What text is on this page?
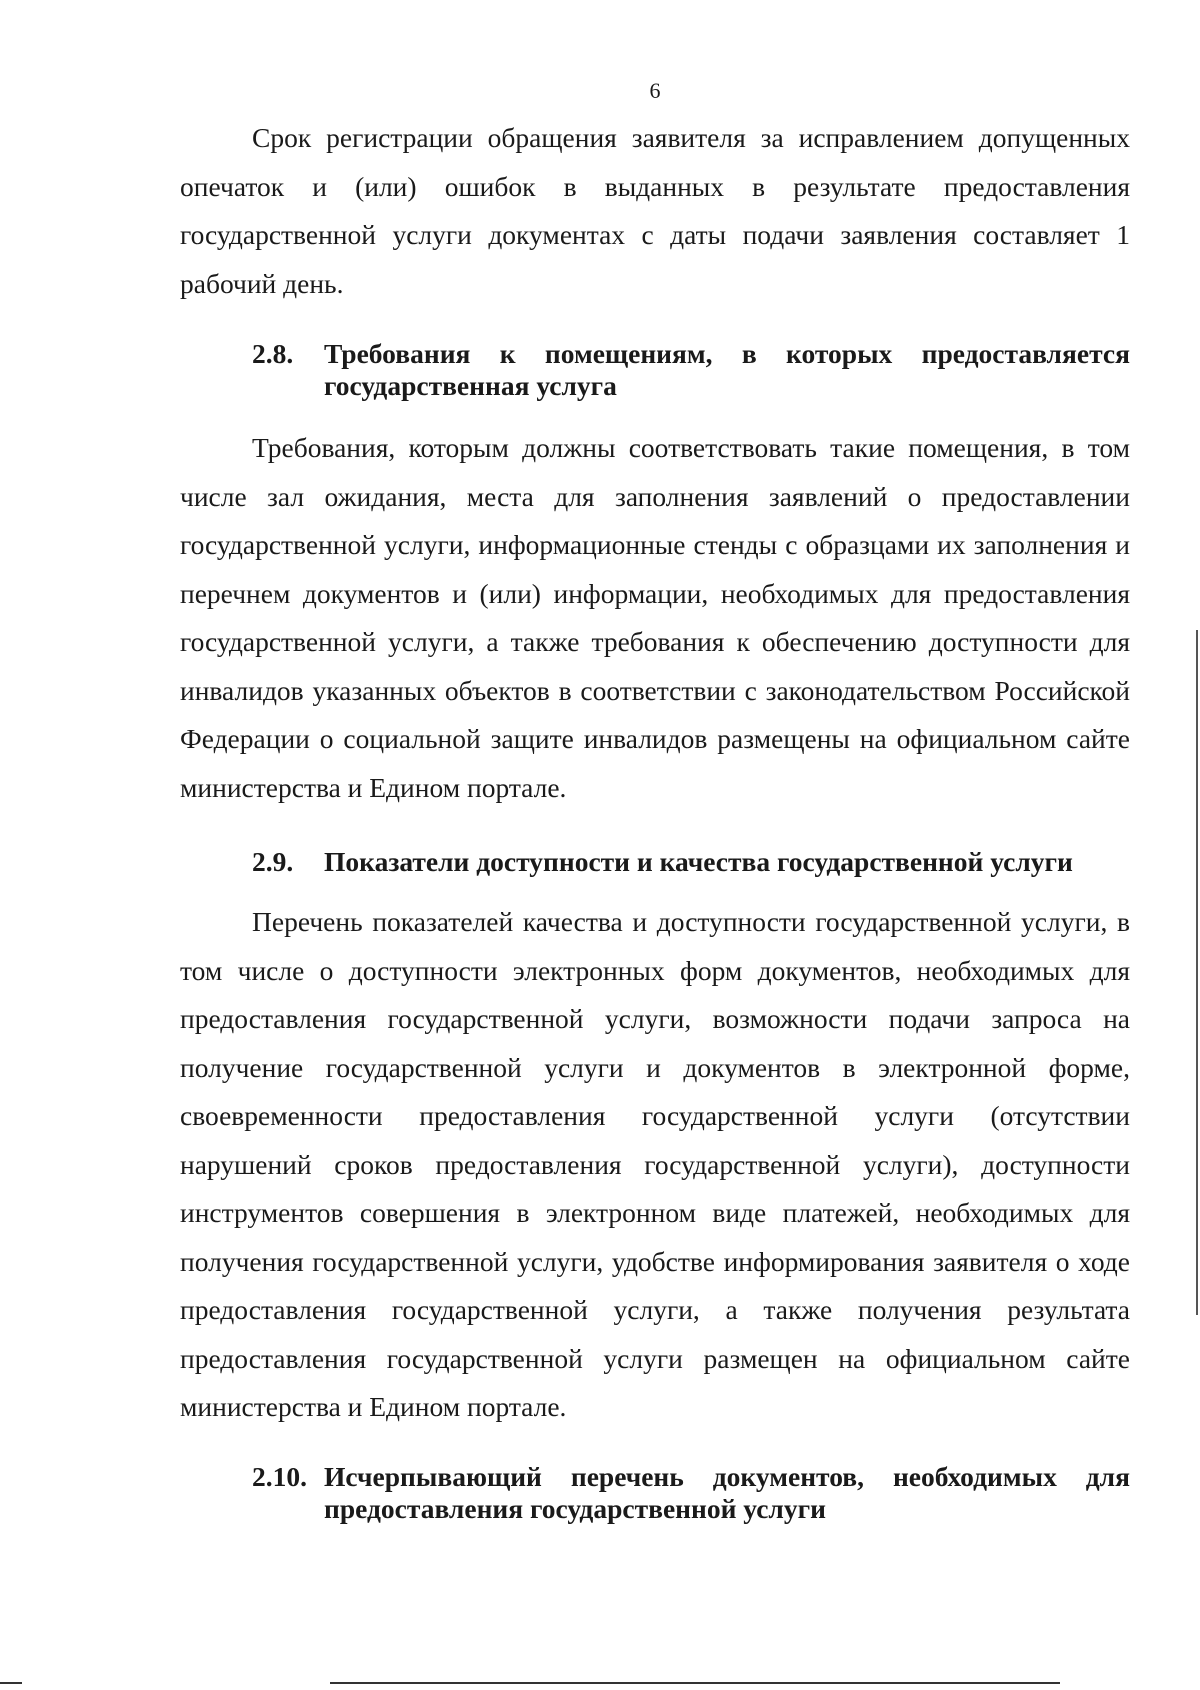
6

Срок регистрации обращения заявителя за исправлением допущенных опечаток и (или) ошибок в выданных в результате предоставления государственной услуги документах с даты подачи заявления составляет 1 рабочий день.

2.8.	Требования к помещениям, в которых предоставляется государственная услуга

Требования, которым должны соответствовать такие помещения, в том числе зал ожидания, места для заполнения заявлений о предоставлении государственной услуги, информационные стенды с образцами их заполнения и перечнем документов и (или) информации, необходимых для предоставления государственной услуги, а также требования к обеспечению доступности для инвалидов указанных объектов в соответствии с законодательством Российской Федерации о социальной защите инвалидов размещены на официальном сайте министерства и Едином портале.

2.9.	Показатели доступности и качества государственной услуги

Перечень показателей качества и доступности государственной услуги, в том числе о доступности электронных форм документов, необходимых для предоставления государственной услуги, возможности подачи запроса на получение государственной услуги и документов в электронной форме, своевременности предоставления государственной услуги (отсутствии нарушений сроков предоставления государственной услуги), доступности инструментов совершения в электронном виде платежей, необходимых для получения государственной услуги, удобстве информирования заявителя о ходе предоставления государственной услуги, а также получения результата предоставления государственной услуги размещен на официальном сайте министерства и Едином портале.

2.10. Исчерпывающий перечень документов, необходимых для предоставления государственной услуги
